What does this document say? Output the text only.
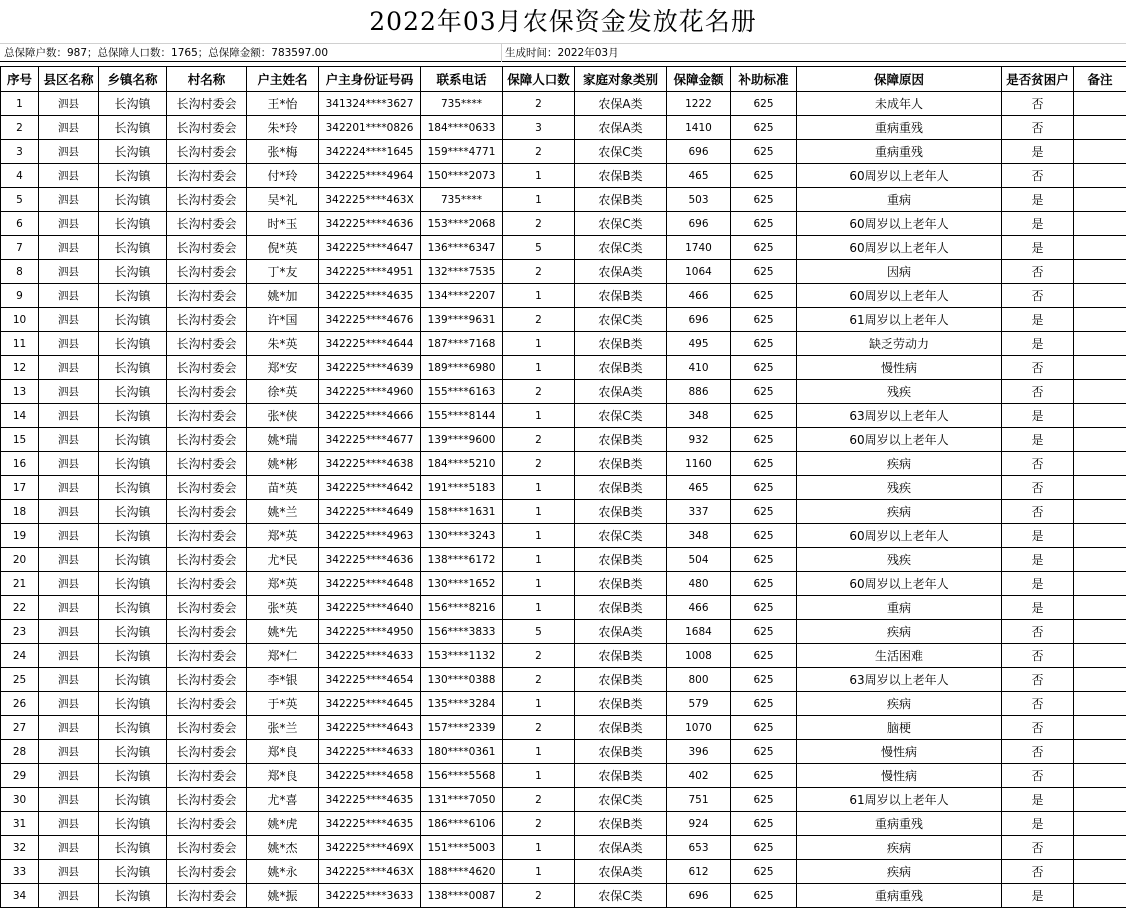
2022年03月农保资金发放花名册
总保障户数：987；总保障人口数：1765；总保障金额：783597.00	生成时间：2022年03月
序号	县区名称	乡镇名称	村名称	户主姓名	户主身份证号码	联系电话	保障人口数	家庭对象类别	保障金额	补助标准	保障原因	是否贫困户	备注
1	泗县	长沟镇	长沟村委会	王*怡	341324****3627	735****	2	农保A类	1222	625	未成年人	否	
2	泗县	长沟镇	长沟村委会	朱*玲	342201****0826	184****0633	3	农保A类	1410	625	重病重残	否	
3	泗县	长沟镇	长沟村委会	张*梅	342224****1645	159****4771	2	农保C类	696	625	重病重残	是	
4	泗县	长沟镇	长沟村委会	付*玲	342225****4964	150****2073	1	农保B类	465	625	60周岁以上老年人	否	
5	泗县	长沟镇	长沟村委会	吴*礼	342225****463X	735****	1	农保B类	503	625	重病	是	
6	泗县	长沟镇	长沟村委会	时*玉	342225****4636	153****2068	2	农保C类	696	625	60周岁以上老年人	是	
7	泗县	长沟镇	长沟村委会	倪*英	342225****4647	136****6347	5	农保C类	1740	625	60周岁以上老年人	是	
8	泗县	长沟镇	长沟村委会	丁*友	342225****4951	132****7535	2	农保A类	1064	625	因病	否	
9	泗县	长沟镇	长沟村委会	姚*加	342225****4635	134****2207	1	农保B类	466	625	60周岁以上老年人	否	
10	泗县	长沟镇	长沟村委会	许*国	342225****4676	139****9631	2	农保C类	696	625	61周岁以上老年人	是	
11	泗县	长沟镇	长沟村委会	朱*英	342225****4644	187****7168	1	农保B类	495	625	缺乏劳动力	是	
12	泗县	长沟镇	长沟村委会	郑*安	342225****4639	189****6980	1	农保B类	410	625	慢性病	否	
13	泗县	长沟镇	长沟村委会	徐*英	342225****4960	155****6163	2	农保A类	886	625	残疾	否	
14	泗县	长沟镇	长沟村委会	张*侠	342225****4666	155****8144	1	农保C类	348	625	63周岁以上老年人	是	
15	泗县	长沟镇	长沟村委会	姚*瑞	342225****4677	139****9600	2	农保B类	932	625	60周岁以上老年人	是	
16	泗县	长沟镇	长沟村委会	姚*彬	342225****4638	184****5210	2	农保B类	1160	625	疾病	否	
17	泗县	长沟镇	长沟村委会	苗*英	342225****4642	191****5183	1	农保B类	465	625	残疾	否	
18	泗县	长沟镇	长沟村委会	姚*兰	342225****4649	158****1631	1	农保B类	337	625	疾病	否	
19	泗县	长沟镇	长沟村委会	郑*英	342225****4963	130****3243	1	农保C类	348	625	60周岁以上老年人	是	
20	泗县	长沟镇	长沟村委会	尤*民	342225****4636	138****6172	1	农保B类	504	625	残疾	是	
21	泗县	长沟镇	长沟村委会	郑*英	342225****4648	130****1652	1	农保B类	480	625	60周岁以上老年人	是	
22	泗县	长沟镇	长沟村委会	张*英	342225****4640	156****8216	1	农保B类	466	625	重病	是	
23	泗县	长沟镇	长沟村委会	姚*先	342225****4950	156****3833	5	农保A类	1684	625	疾病	否	
24	泗县	长沟镇	长沟村委会	郑*仁	342225****4633	153****1132	2	农保B类	1008	625	生活困难	否	
25	泗县	长沟镇	长沟村委会	李*银	342225****4654	130****0388	2	农保B类	800	625	63周岁以上老年人	否	
26	泗县	长沟镇	长沟村委会	于*英	342225****4645	135****3284	1	农保B类	579	625	疾病	否	
27	泗县	长沟镇	长沟村委会	张*兰	342225****4643	157****2339	2	农保B类	1070	625	脑梗	否	
28	泗县	长沟镇	长沟村委会	郑*良	342225****4633	180****0361	1	农保B类	396	625	慢性病	否	
29	泗县	长沟镇	长沟村委会	郑*良	342225****4658	156****5568	1	农保B类	402	625	慢性病	否	
30	泗县	长沟镇	长沟村委会	尤*喜	342225****4635	131****7050	2	农保C类	751	625	61周岁以上老年人	是	
31	泗县	长沟镇	长沟村委会	姚*虎	342225****4635	186****6106	2	农保B类	924	625	重病重残	是	
32	泗县	长沟镇	长沟村委会	姚*杰	342225****469X	151****5003	1	农保A类	653	625	疾病	否	
33	泗县	长沟镇	长沟村委会	姚*永	342225****463X	188****4620	1	农保A类	612	625	疾病	否	
34	泗县	长沟镇	长沟村委会	姚*振	342225****3633	138****0087	2	农保C类	696	625	重病重残	是	
